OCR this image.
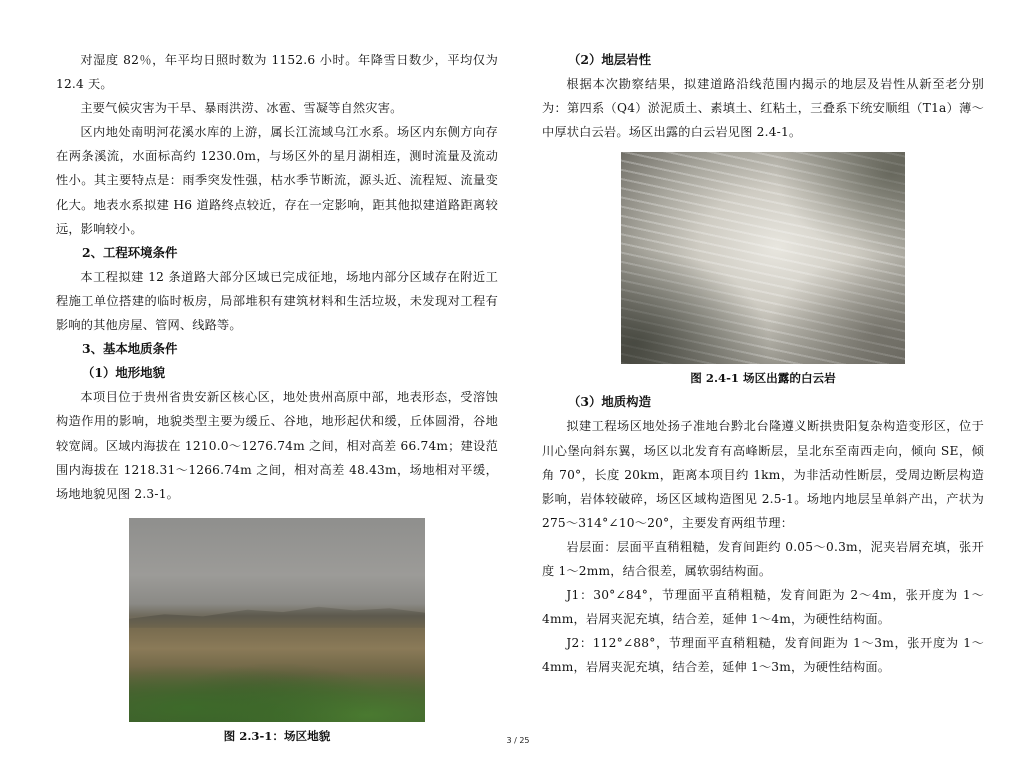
对湿度 82％，年平均日照时数为 1152.6 小时。年降雪日数少，平均仅为 12.4 天。

主要气候灾害为干旱、暴雨洪涝、冰雹、雪凝等自然灾害。

区内地处南明河花溪水库的上游，属长江流域乌江水系。场区内东侧方向存在两条溪流，水面标高约 1230.0m，与场区外的星月湖相连，测时流量及流动性小。其主要特点是：雨季突发性强，枯水季节断流，源头近、流程短、流量变化大。地表水系拟建 H6 道路终点较近，存在一定影响，距其他拟建道路距离较远，影响较小。

2、工程环境条件

本工程拟建 12 条道路大部分区域已完成征地，场地内部分区域存在附近工程施工单位搭建的临时板房，局部堆积有建筑材料和生活垃圾，未发现对工程有影响的其他房屋、管网、线路等。

3、基本地质条件
（1）地形地貌

本项目位于贵州省贵安新区核心区，地处贵州高原中部，地表形态，受溶蚀构造作用的影响，地貌类型主要为缓丘、谷地，地形起伏和缓，丘体圆滑，谷地较宽阔。区域内海拔在 1210.0～1276.74m 之间，相对高差 66.74m；建设范围内海拔在 1218.31～1266.74m 之间，相对高差 48.43m，场地相对平缓，场地地貌见图 2.3-1。

图 2.3-1：场区地貌
（2）地层岩性

根据本次勘察结果，拟建道路沿线范围内揭示的地层及岩性从新至老分别为：第四系（Q4）淤泥质土、素填土、红粘土，三叠系下统安顺组（T1a）薄～中厚状白云岩。场区出露的白云岩见图 2.4-1。

图 2.4-1 场区出露的白云岩
（3）地质构造

拟建工程场区地处扬子准地台黔北台隆遵义断拱贵阳复杂构造变形区，位于川心堡向斜东翼，场区以北发育有高峰断层，呈北东至南西走向，倾向 SE，倾角 70°，长度 20km，距离本项目约 1km，为非活动性断层，受周边断层构造影响，岩体较破碎，场区区域构造图见 2.5-1。场地内地层呈单斜产出，产状为 275～314°∠10～20°，主要发育两组节理：

岩层面：层面平直稍粗糙，发育间距约 0.05～0.3m，泥夹岩屑充填，张开度 1～2mm，结合很差，属软弱结构面。

J1：30°∠84°，节理面平直稍粗糙，发育间距为 2～4m，张开度为 1～4mm，岩屑夹泥充填，结合差，延伸 1～4m，为硬性结构面。

J2：112°∠88°，节理面平直稍粗糙，发育间距为 1～3m，张开度为 1～4mm，岩屑夹泥充填，结合差，延伸 1～3m，为硬性结构面。

3 / 25
